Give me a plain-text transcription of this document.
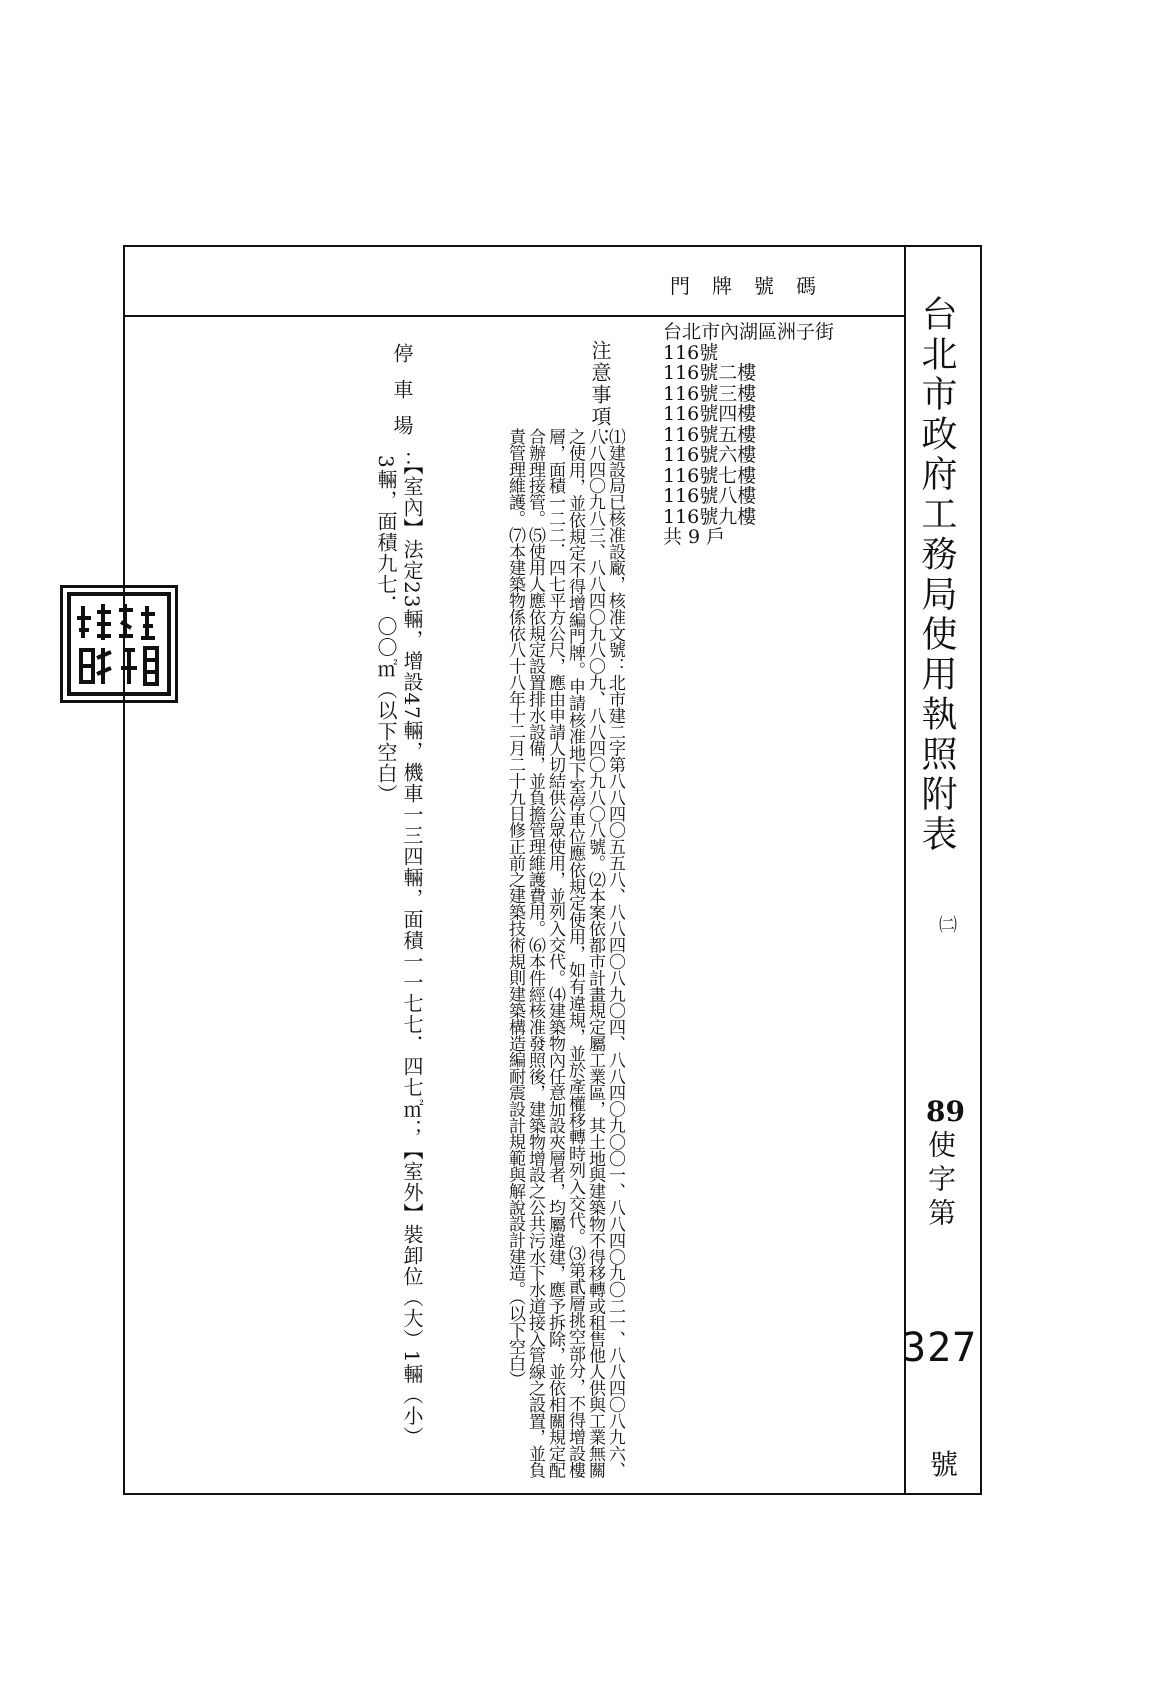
門牌號碼
台北市政府工務局使用執照附表
㈡
89
使字第
327
號
台北市內湖區洲子街
116號
116號二樓
116號三樓
116號四樓
116號五樓
116號六樓
116號七樓
116號八樓
116號九樓
共 9 戶
注意事項：
⑴建設局已核准設廠，核准文號：北市建二字第八八四〇五五八、八八四〇八九〇四、八八四〇九〇〇一、八八四〇九〇二一、八八四〇八九六、八八四〇九八三、八八四〇九八〇九、八八四〇九八〇八號。⑵本案依都市計畫規定屬工業區，其土地與建築物不得移轉或租售他人供與工業無關之使用，並依規定不得增編門牌。申請核准地下室停車位應依規定使用，如有違規，並於產權移轉時列入交代。⑶第貳層挑空部分，不得增設樓層，面積一二二．四七平方公尺，應由申請人切結供公眾使用，並列入交代。⑷建築物內任意加設夾層者，均屬違建，應予拆除，並依相關規定配合辦理接管。⑸使用人應依規定設置排水設備，並負擔管理維護費用。⑹本件經核准發照後，建築物增設之公共污水下水道接入管線之設置，並負責管理維護。⑺本建築物係依八十八年十二月二十九日修正前之建築技術規則建築構造編耐震設計規範與解說設計建造。（以下空白）
停車場：
【室內】法定23輛，增設47輛，機車一三四輛，面積一一七七．四七㎡；【室外】裝卸位（大）1輛（小）3輛，面積九七．〇〇㎡（以下空白）
